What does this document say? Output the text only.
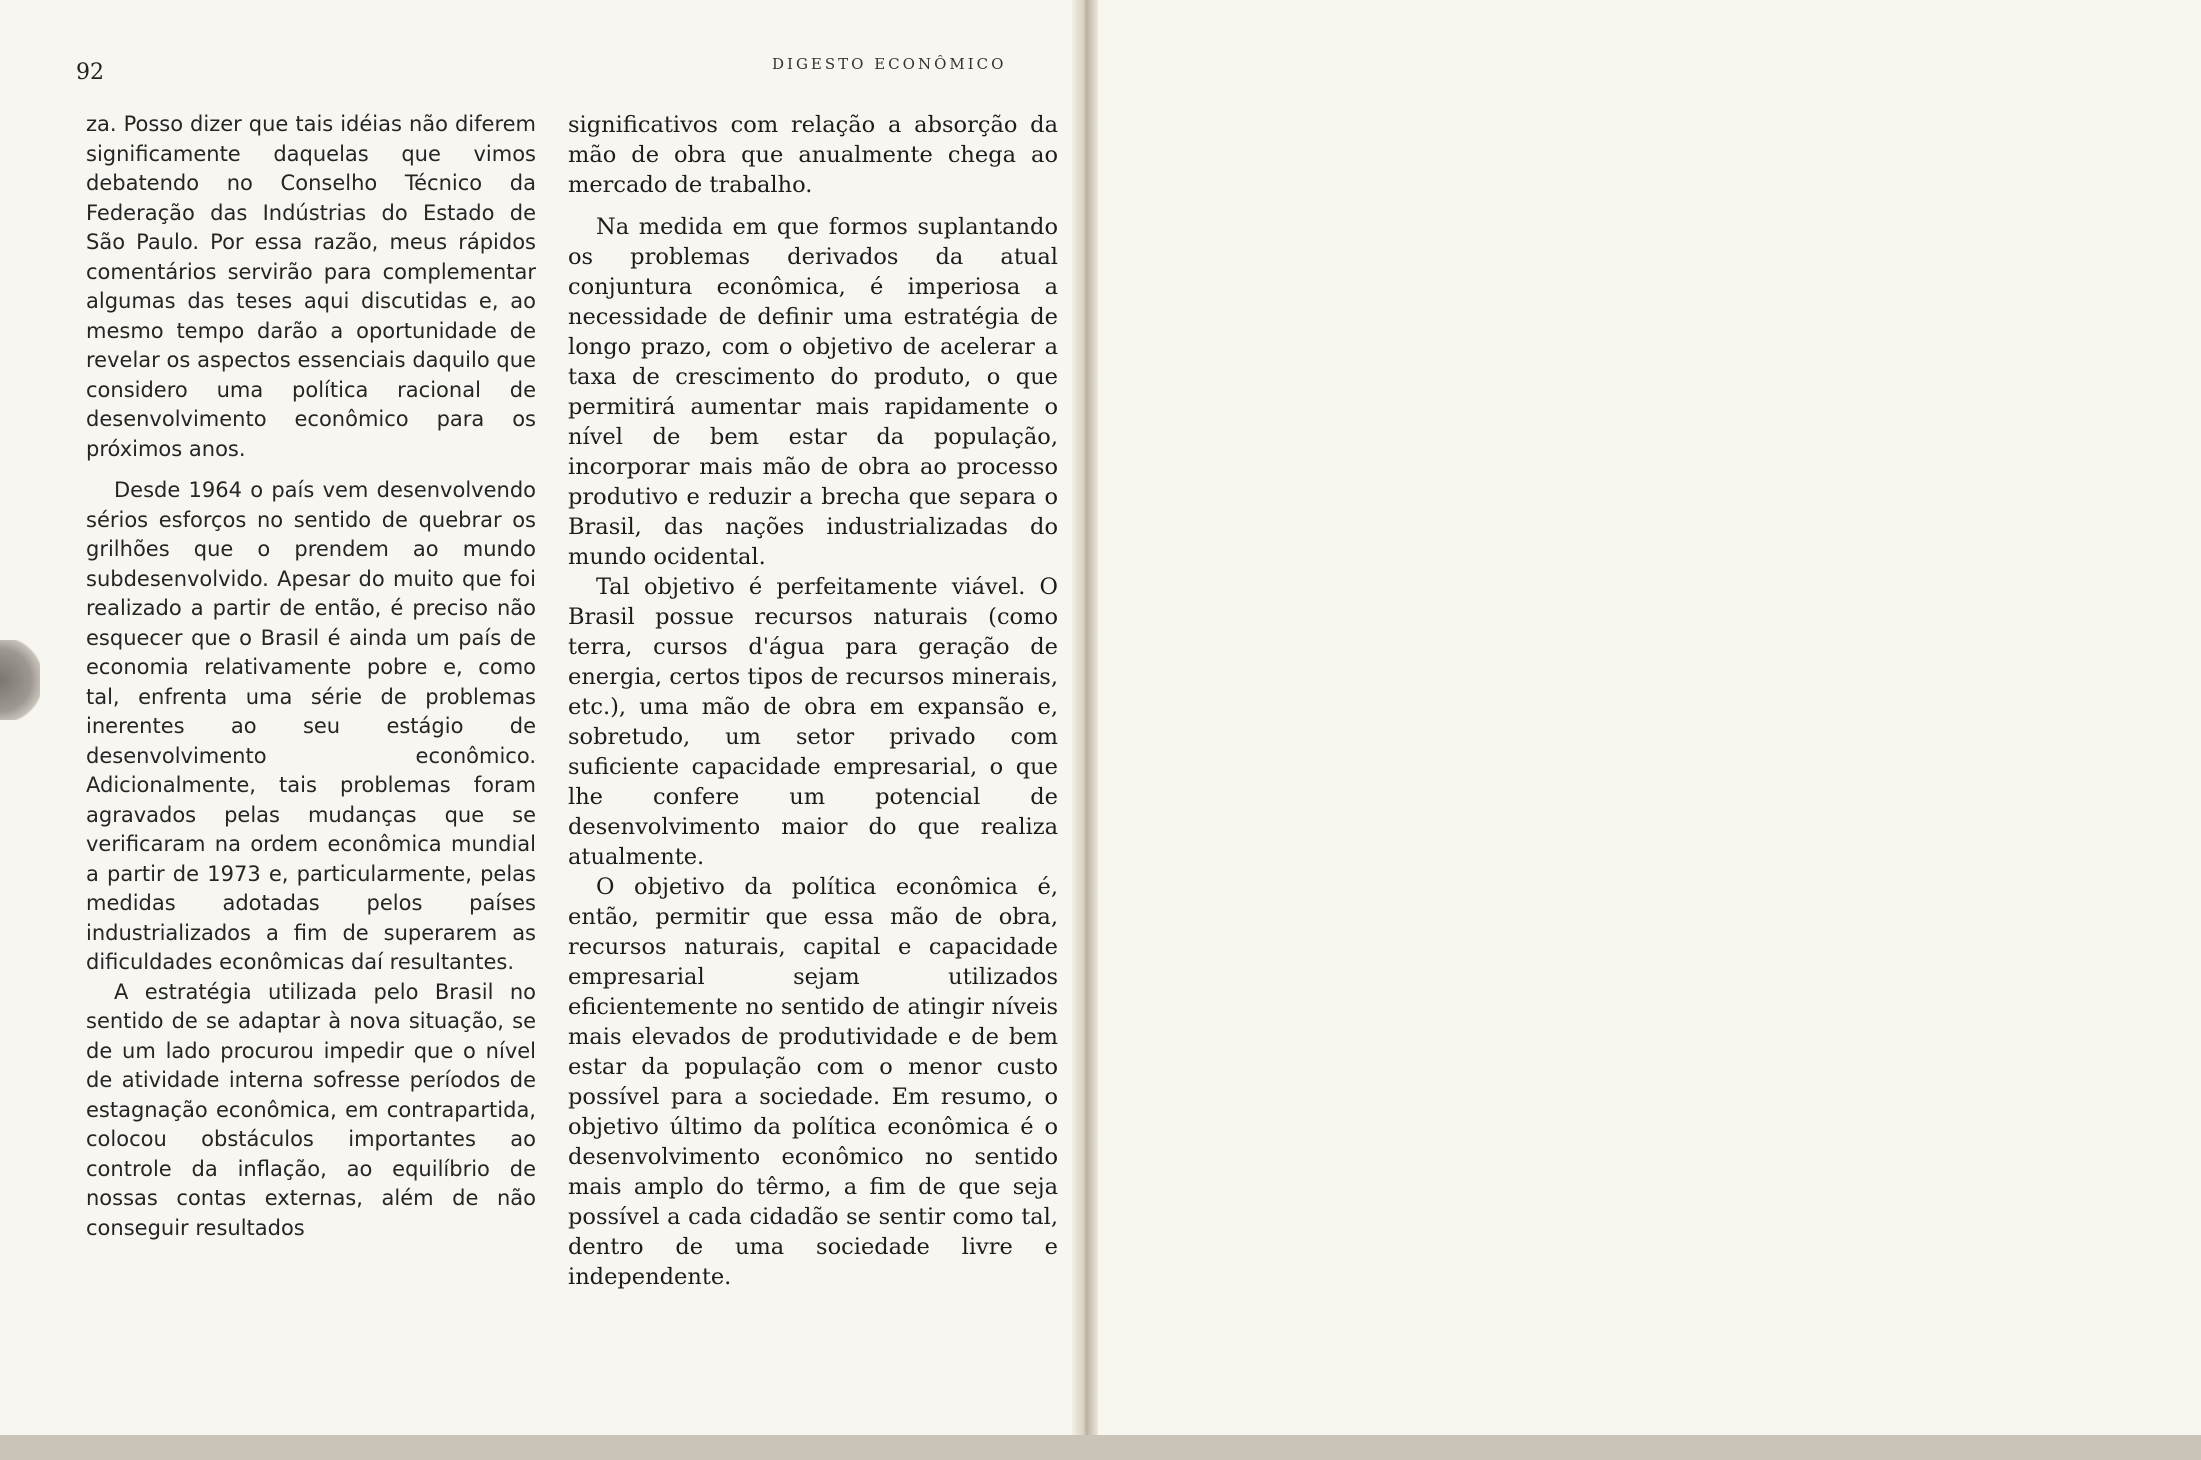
92	DIGESTO ECONÔMICO

za. Posso dizer que tais idéias não diferem significamente daquelas que vimos debatendo no Conselho Técnico da Federação das Indústrias do Estado de São Paulo. Por essa razão, meus rápidos comentários servirão para complementar algumas das teses aqui discutidas e, ao mesmo tempo darão a oportunidade de revelar os aspectos essenciais daquilo que considero uma política racional de desenvolvimento econômico para os próximos anos.

Desde 1964 o país vem desenvolvendo sérios esforços no sentido de quebrar os grilhões que o prendem ao mundo subdesenvolvido. Apesar do muito que foi realizado a partir de então, é preciso não esquecer que o Brasil é ainda um país de economia relativamente pobre e, como tal, enfrenta uma série de problemas inerentes ao seu estágio de desenvolvimento econômico. Adicionalmente, tais problemas foram agravados pelas mudanças que se verificaram na ordem econômica mundial a partir de 1973 e, particularmente, pelas medidas adotadas pelos países industrializados a fim de superarem as dificuldades econômicas daí resultantes.

A estratégia utilizada pelo Brasil no sentido de se adaptar à nova situação, se de um lado procurou impedir que o nível de atividade interna sofresse períodos de estagnação econômica, em contrapartida, colocou obstáculos importantes ao controle da inflação, ao equilíbrio de nossas contas externas, além de não conseguir resultados

significativos com relação a absorção da mão de obra que anualmente chega ao mercado de trabalho.

Na medida em que formos suplantando os problemas derivados da atual conjuntura econômica, é imperiosa a necessidade de definir uma estratégia de longo prazo, com o objetivo de acelerar a taxa de crescimento do produto, o que permitirá aumentar mais rapidamente o nível de bem estar da população, incorporar mais mão de obra ao processo produtivo e reduzir a brecha que separa o Brasil, das nações industrializadas do mundo ocidental.

Tal objetivo é perfeitamente viável. O Brasil possue recursos naturais (como terra, cursos d'água para geração de energia, certos tipos de recursos minerais, etc.), uma mão de obra em expansão e, sobretudo, um setor privado com suficiente capacidade empresarial, o que lhe confere um potencial de desenvolvimento maior do que realiza atualmente.

O objetivo da política econômica é, então, permitir que essa mão de obra, recursos naturais, capital e capacidade empresarial sejam utilizados eficientemente no sentido de atingir níveis mais elevados de produtividade e de bem estar da população com o menor custo possível para a sociedade. Em resumo, o objetivo último da política econômica é o desenvolvimento econômico no sentido mais amplo do têrmo, a fim de que seja possível a cada cidadão se sentir como tal, dentro de uma sociedade livre e independente.
